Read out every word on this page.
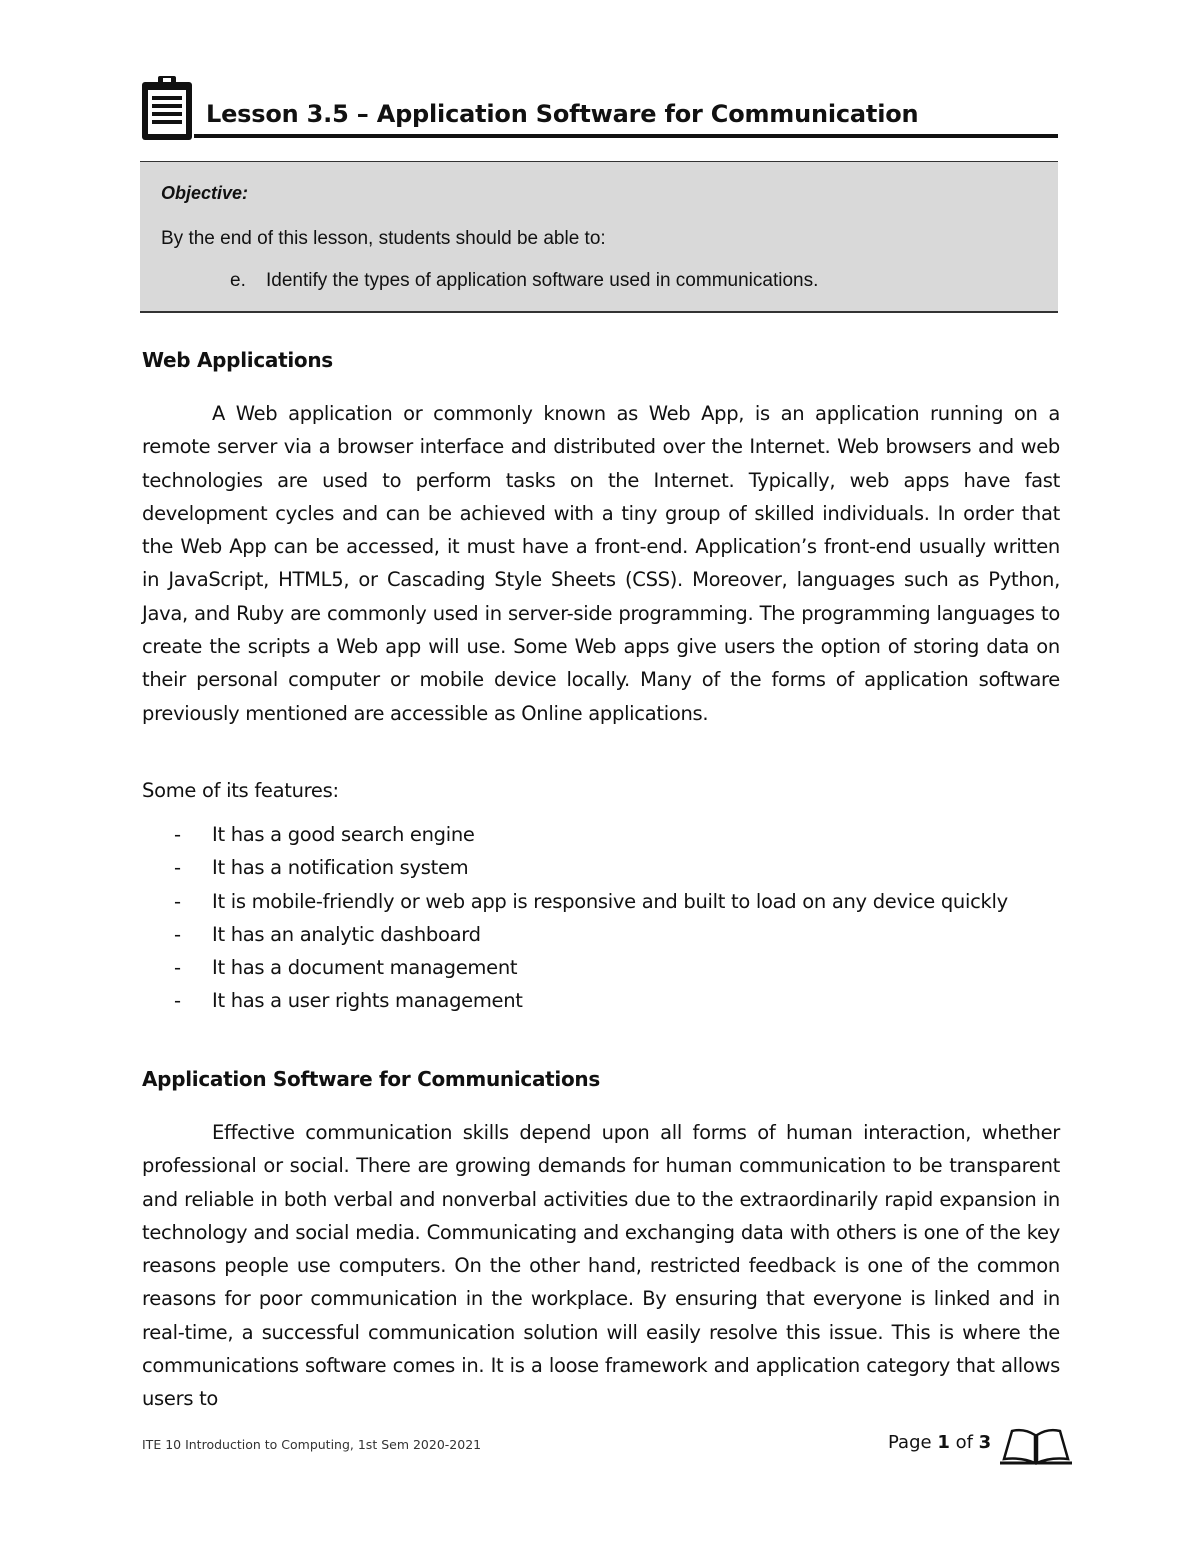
Lesson 3.5 – Application Software for Communication
Objective:
By the end of this lesson, students should be able to:
e. Identify the types of application software used in communications.
Web Applications

A Web application or commonly known as Web App, is an application running on a remote server via a browser interface and distributed over the Internet. Web browsers and web technologies are used to perform tasks on the Internet. Typically, web apps have fast development cycles and can be achieved with a tiny group of skilled individuals. In order that the Web App can be accessed, it must have a front-end. Application’s front-end usually written in JavaScript, HTML5, or Cascading Style Sheets (CSS). Moreover, languages such as Python, Java, and Ruby are commonly used in server-side programming. The programming languages to create the scripts a Web app will use. Some Web apps give users the option of storing data on their personal computer or mobile device locally. Many of the forms of application software previously mentioned are accessible as Online applications.

Some of its features:
- It has a good search engine
- It has a notification system
- It is mobile-friendly or web app is responsive and built to load on any device quickly
- It has an analytic dashboard
- It has a document management
- It has a user rights management
Application Software for Communications

Effective communication skills depend upon all forms of human interaction, whether professional or social. There are growing demands for human communication to be transparent and reliable in both verbal and nonverbal activities due to the extraordinarily rapid expansion in technology and social media. Communicating and exchanging data with others is one of the key reasons people use computers. On the other hand, restricted feedback is one of the common reasons for poor communication in the workplace. By ensuring that everyone is linked and in real-time, a successful communication solution will easily resolve this issue. This is where the communications software comes in. It is a loose framework and application category that allows users to

ITE 10 Introduction to Computing, 1st Sem 2020-2021	Page 1 of 3
